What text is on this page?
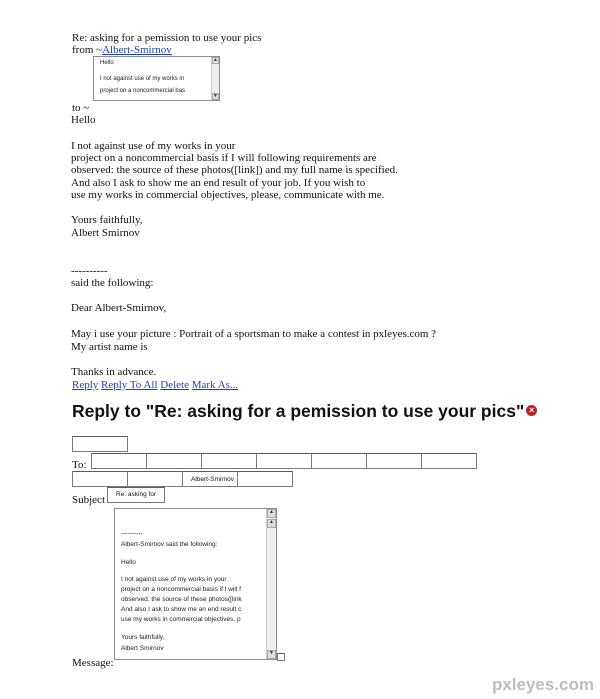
Re: asking for a pemission to use your pics
from ~Albert-Smirnov
Hello
I not against use of my works in
project on a noncommercial bas
▲
▼
to ~
Hello
I not against use of my works in your
project on a noncommercial basis if I will following requirements are
observed: the source of these photos([link]) and my full name is specified.
And also I ask to show me an end result of your job. If you wish to
use my works in commercial objectives, please, communicate with me.
Yours faithfully,
Albert Smirnov
----------
said the following:
Dear Albert-Smirnov,
May i use your picture : Portrait of a sportsman to make a contest in pxleyes.com ?
My artist name is
Thanks in advance.
Reply Reply To All Delete Mark As...
Reply to "Re: asking for a pemission to use your pics" ×
To:
Albert-Smirnov
Subject	Re: asking for
----------
Albert-Smirnov said the following:
Hello
I not against use of my works in your
project on a noncommercial basis if I will f
observed: the source of these photos([link
And also I ask to show me an end result c
use my works in commercial objectives, p
Yours faithfully,
Albert Smirnov
▲
▲
▼
Message:
pxleyes.com
